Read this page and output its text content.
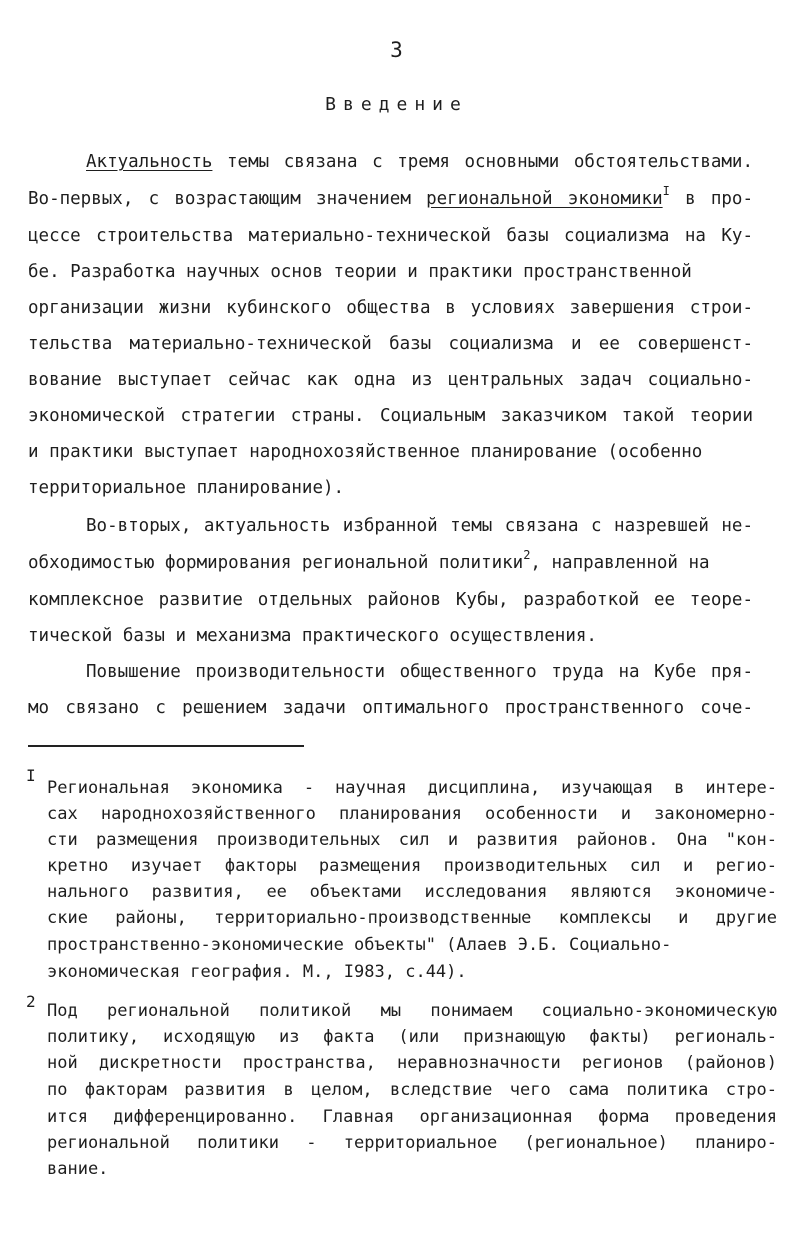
3
Введение
Актуальность темы связана с тремя основными обстоятельствами.
Во-первых, с возрастающим значением региональной экономики$^I$ в про-
цессе строительства материально-технической базы социализма на Ку-
бе. Разработка научных основ теории и практики пространственной
организации жизни кубинского общества в условиях завершения строи-
тельства материально-технической базы социализма и ее совершенст-
вование выступает сейчас как одна из центральных задач социально-
экономической стратегии страны. Социальным заказчиком такой теории
и практики выступает народнохозяйственное планирование (особенно
территориальное планирование).
Во-вторых, актуальность избранной темы связана с назревшей не-
обходимостью формирования региональной политики$^2$, направленной на
комплексное развитие отдельных районов Кубы, разработкой ее теоре-
тической базы и механизма практического осуществления.
Повышение производительности общественного труда на Кубе пря-
мо связано с решением задачи оптимального пространственного соче-
I
Региональная экономика - научная дисциплина, изучающая в интере-
сах народнохозяйственного планирования особенности и закономерно-
сти размещения производительных сил и развития районов. Она "кон-
кретно изучает факторы размещения производительных сил и регио-
нального развития, ее объектами исследования являются экономиче-
ские районы, территориально-производственные комплексы и другие
пространственно-экономические объекты" (Алаев Э.Б. Социально-
экономическая география. М., I983, с.44).
2 Под региональной политикой мы понимаем социально-экономическую
политику, исходящую из факта (или признающую факты) региональ-
ной дискретности пространства, неравнозначности регионов (районов)
по факторам развития в целом, вследствие чего сама политика стро-
ится дифференцированно. Главная организационная форма проведения
региональной политики - территориальное (региональное) планиро-
вание.
